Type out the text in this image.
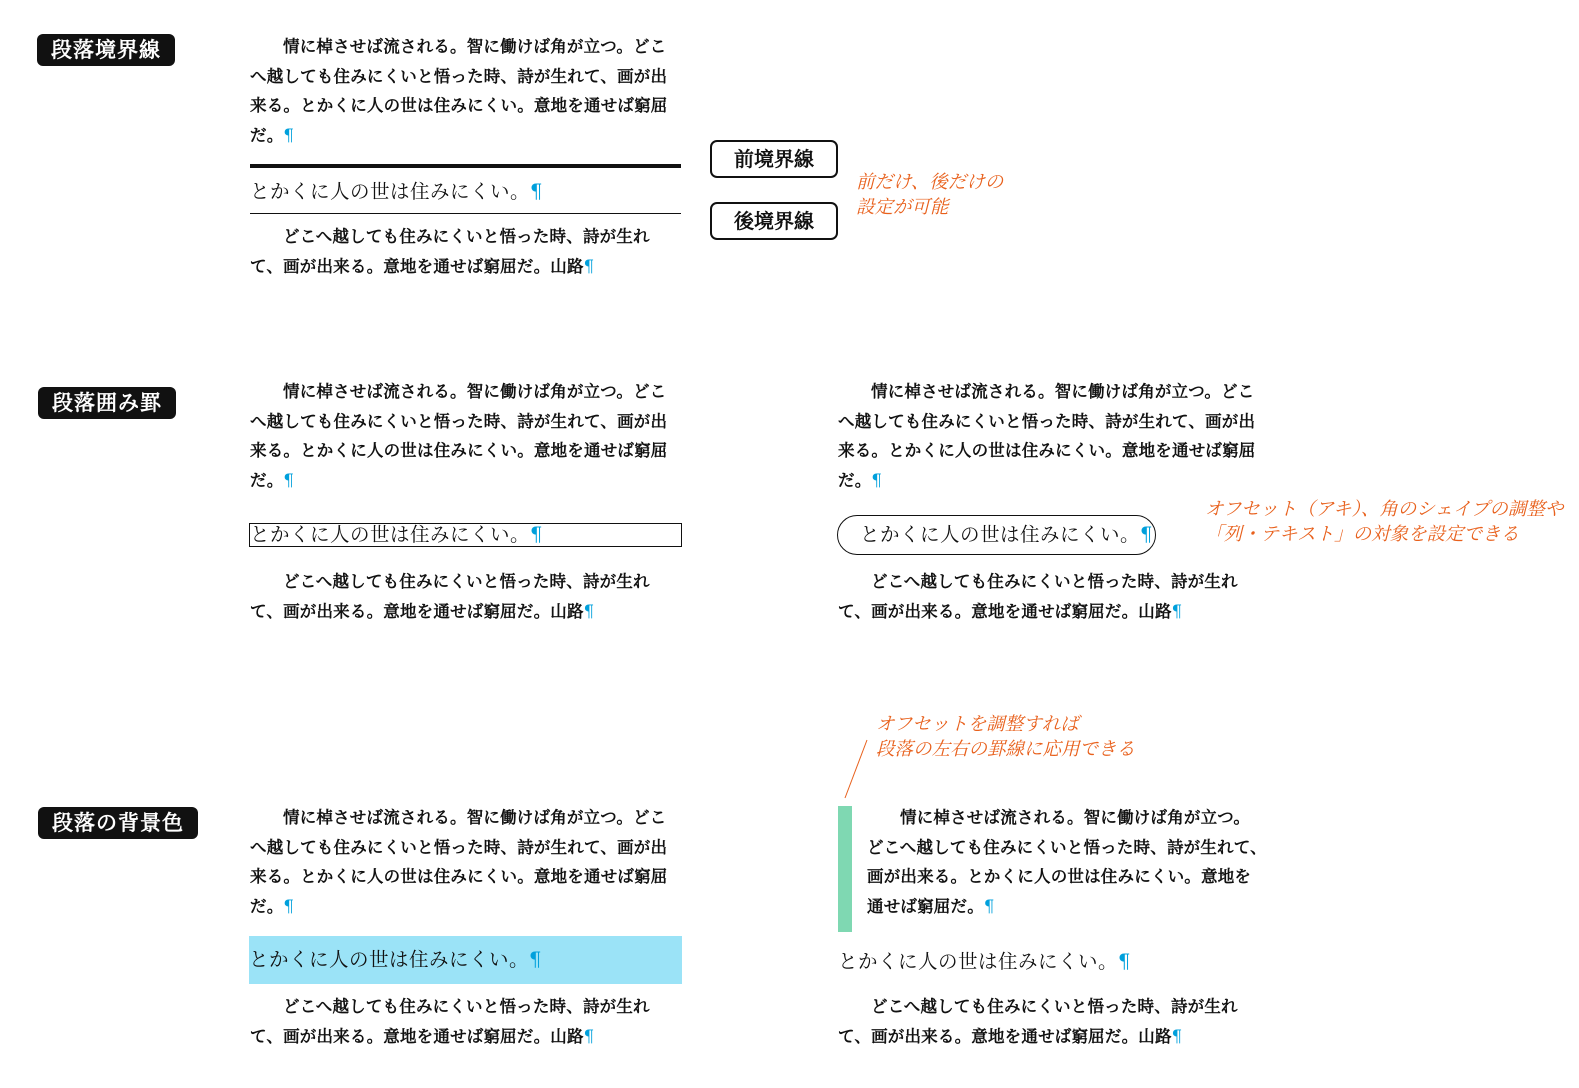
段落境界線	情に棹させば流される。智に働けば角が立つ。どこ
へ越しても住みにくいと悟った時、詩が生れて、画が出
来る。とかくに人の世は住みにくい。意地を通せば窮屈
だ。¶
とかくに人の世は住みにくい。¶
どこへ越しても住みにくいと悟った時、詩が生れ
て、画が出来る。意地を通せば窮屈だ。山路¶
前境界線
後境界線
前だけ、後だけの
設定が可能
段落囲み罫	情に棹させば流される。智に働けば角が立つ。どこ
へ越しても住みにくいと悟った時、詩が生れて、画が出
来る。とかくに人の世は住みにくい。意地を通せば窮屈
だ。¶
とかくに人の世は住みにくい。¶
どこへ越しても住みにくいと悟った時、詩が生れ
て、画が出来る。意地を通せば窮屈だ。山路¶
情に棹させば流される。智に働けば角が立つ。どこ
へ越しても住みにくいと悟った時、詩が生れて、画が出
来る。とかくに人の世は住みにくい。意地を通せば窮屈
だ。¶
とかくに人の世は住みにくい。¶
どこへ越しても住みにくいと悟った時、詩が生れ
て、画が出来る。意地を通せば窮屈だ。山路¶
オフセット（アキ）、角のシェイプの調整や
「列・テキスト」の対象を設定できる
段落の背景色	情に棹させば流される。智に働けば角が立つ。どこ
へ越しても住みにくいと悟った時、詩が生れて、画が出
来る。とかくに人の世は住みにくい。意地を通せば窮屈
だ。¶
とかくに人の世は住みにくい。¶
どこへ越しても住みにくいと悟った時、詩が生れ
て、画が出来る。意地を通せば窮屈だ。山路¶
情に棹させば流される。智に働けば角が立つ。
どこへ越しても住みにくいと悟った時、詩が生れて、
画が出来る。とかくに人の世は住みにくい。意地を
通せば窮屈だ。¶
とかくに人の世は住みにくい。¶
どこへ越しても住みにくいと悟った時、詩が生れ
て、画が出来る。意地を通せば窮屈だ。山路¶
オフセットを調整すれば
段落の左右の罫線に応用できる
